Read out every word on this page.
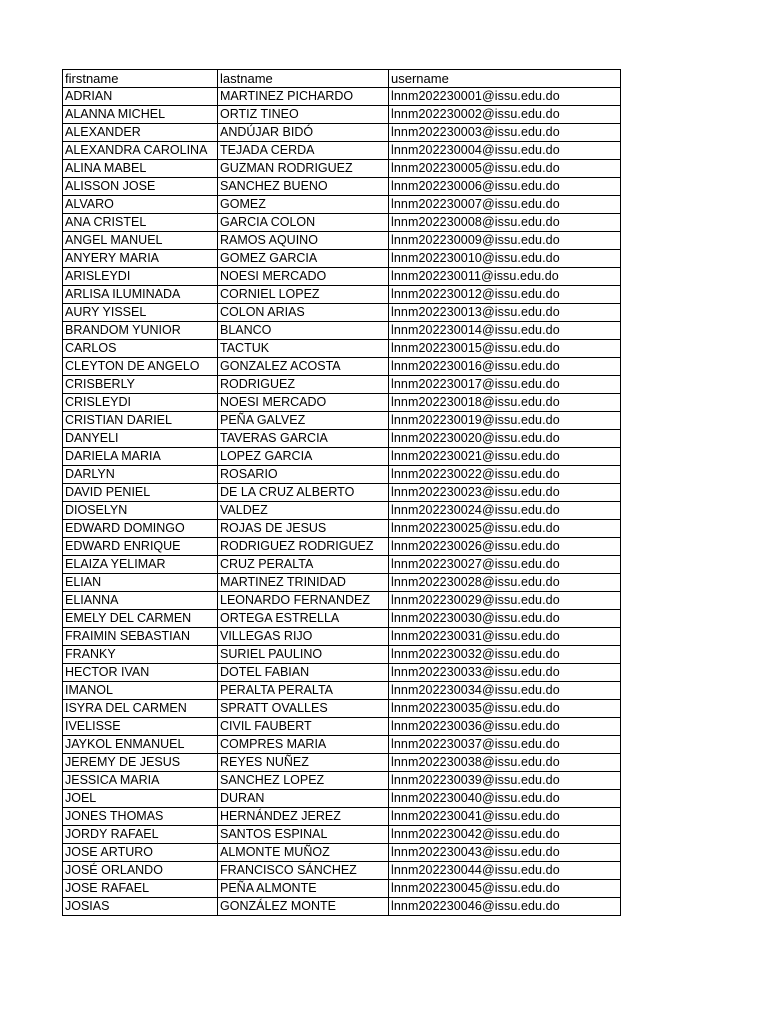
firstname	lastname	username
ADRIAN	MARTINEZ PICHARDO	lnnm202230001@issu.edu.do
ALANNA MICHEL	ORTIZ TINEO	lnnm202230002@issu.edu.do
ALEXANDER	ANDÚJAR BIDÓ	lnnm202230003@issu.edu.do
ALEXANDRA CAROLINA	TEJADA CERDA	lnnm202230004@issu.edu.do
ALINA MABEL	GUZMAN RODRIGUEZ	lnnm202230005@issu.edu.do
ALISSON JOSE	SANCHEZ BUENO	lnnm202230006@issu.edu.do
ALVARO	GOMEZ	lnnm202230007@issu.edu.do
ANA CRISTEL	GARCIA COLON	lnnm202230008@issu.edu.do
ANGEL MANUEL	RAMOS AQUINO	lnnm202230009@issu.edu.do
ANYERY MARIA	GOMEZ GARCIA	lnnm202230010@issu.edu.do
ARISLEYDI	NOESI MERCADO	lnnm202230011@issu.edu.do
ARLISA ILUMINADA	CORNIEL LOPEZ	lnnm202230012@issu.edu.do
AURY YISSEL	COLON ARIAS	lnnm202230013@issu.edu.do
BRANDOM YUNIOR	BLANCO	lnnm202230014@issu.edu.do
CARLOS	TACTUK	lnnm202230015@issu.edu.do
CLEYTON DE ANGELO	GONZALEZ ACOSTA	lnnm202230016@issu.edu.do
CRISBERLY	RODRIGUEZ	lnnm202230017@issu.edu.do
CRISLEYDI	NOESI MERCADO	lnnm202230018@issu.edu.do
CRISTIAN DARIEL	PEÑA GALVEZ	lnnm202230019@issu.edu.do
DANYELI	TAVERAS GARCIA	lnnm202230020@issu.edu.do
DARIELA MARIA	LOPEZ GARCIA	lnnm202230021@issu.edu.do
DARLYN	ROSARIO	lnnm202230022@issu.edu.do
DAVID PENIEL	DE LA CRUZ ALBERTO	lnnm202230023@issu.edu.do
DIOSELYN	VALDEZ	lnnm202230024@issu.edu.do
EDWARD DOMINGO	ROJAS DE JESUS	lnnm202230025@issu.edu.do
EDWARD ENRIQUE	RODRIGUEZ RODRIGUEZ	lnnm202230026@issu.edu.do
ELAIZA YELIMAR	CRUZ PERALTA	lnnm202230027@issu.edu.do
ELIAN	MARTINEZ TRINIDAD	lnnm202230028@issu.edu.do
ELIANNA	LEONARDO FERNANDEZ	lnnm202230029@issu.edu.do
EMELY DEL CARMEN	ORTEGA ESTRELLA	lnnm202230030@issu.edu.do
FRAIMIN SEBASTIAN	VILLEGAS RIJO	lnnm202230031@issu.edu.do
FRANKY	SURIEL PAULINO	lnnm202230032@issu.edu.do
HECTOR IVAN	DOTEL FABIAN	lnnm202230033@issu.edu.do
IMANOL	PERALTA PERALTA	lnnm202230034@issu.edu.do
ISYRA DEL CARMEN	SPRATT OVALLES	lnnm202230035@issu.edu.do
IVELISSE	CIVIL FAUBERT	lnnm202230036@issu.edu.do
JAYKOL ENMANUEL	COMPRES MARIA	lnnm202230037@issu.edu.do
JEREMY DE JESUS	REYES NUÑEZ	lnnm202230038@issu.edu.do
JESSICA MARIA	SANCHEZ LOPEZ	lnnm202230039@issu.edu.do
JOEL	DURAN	lnnm202230040@issu.edu.do
JONES THOMAS	HERNÁNDEZ JEREZ	lnnm202230041@issu.edu.do
JORDY RAFAEL	SANTOS ESPINAL	lnnm202230042@issu.edu.do
JOSE ARTURO	ALMONTE MUÑOZ	lnnm202230043@issu.edu.do
JOSÉ ORLANDO	FRANCISCO SÁNCHEZ	lnnm202230044@issu.edu.do
JOSE RAFAEL	PEÑA ALMONTE	lnnm202230045@issu.edu.do
JOSIAS	GONZÁLEZ MONTE	lnnm202230046@issu.edu.do
